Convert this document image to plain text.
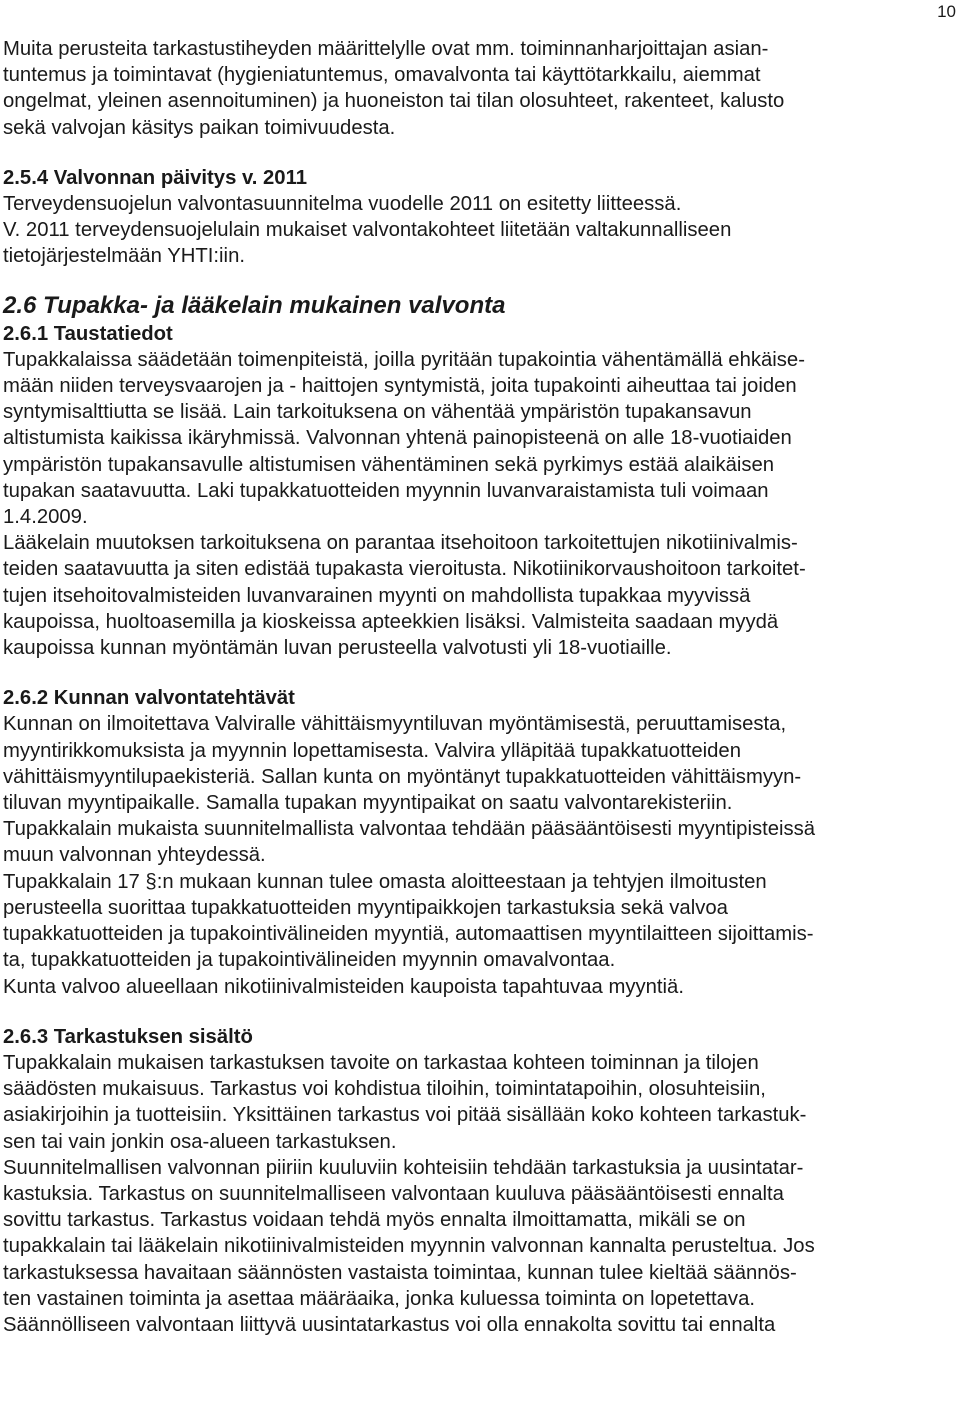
10

Muita perusteita tarkastustiheyden määrittelylle ovat mm. toiminnanharjoittajan asian-
tuntemus ja toimintavat (hygieniatuntemus, omavalvonta tai käyttötarkkailu, aiemmat
ongelmat, yleinen asennoituminen) ja huoneiston tai tilan olosuhteet, rakenteet, kalusto
sekä valvojan käsitys paikan toimivuudesta.

2.5.4 Valvonnan päivitys v. 2011

Terveydensuojelun valvontasuunnitelma vuodelle 2011 on esitetty liitteessä.
V. 2011 terveydensuojelulain mukaiset valvontakohteet liitetään valtakunnalliseen
tietojärjestelmään YHTI:iin.

2.6 Tupakka- ja lääkelain mukainen valvonta

2.6.1 Taustatiedot

Tupakkalaissa säädetään toimenpiteistä, joilla pyritään tupakointia vähentämällä ehkäise-
mään niiden terveysvaarojen ja - haittojen syntymistä, joita tupakointi aiheuttaa tai joiden
syntymisalttiutta se lisää. Lain tarkoituksena on vähentää ympäristön tupakansavun
altistumista kaikissa ikäryhmissä. Valvonnan yhtenä painopisteenä on alle 18-vuotiaiden
ympäristön tupakansavulle altistumisen vähentäminen sekä pyrkimys estää alaikäisen
tupakan saatavuutta. Laki tupakkatuotteiden myynnin luvanvaraistamista tuli voimaan
1.4.2009.
Lääkelain muutoksen tarkoituksena on parantaa itsehoitoon tarkoitettujen nikotiinivalmis-
teiden saatavuutta ja siten edistää tupakasta vieroitusta. Nikotiinikorvaushoitoon tarkoitet-
tujen itsehoitovalmisteiden luvanvarainen myynti on mahdollista tupakkaa myyvissä
kaupoissa, huoltoasemilla ja kioskeissa apteekkien lisäksi. Valmisteita saadaan myydä
kaupoissa kunnan myöntämän luvan perusteella valvotusti yli 18-vuotiaille.

2.6.2 Kunnan valvontatehtävät

Kunnan on ilmoitettava Valviralle vähittäismyyntiluvan myöntämisestä, peruuttamisesta,
myyntirikkomuksista ja myynnin lopettamisesta. Valvira ylläpitää tupakkatuotteiden
vähittäismyyntilupaekisteriä. Sallan kunta on myöntänyt tupakkatuotteiden vähittäismyyn-
tiluvan myyntipaikalle. Samalla tupakan myyntipaikat on saatu valvontarekisteriin.
Tupakkalain mukaista suunnitelmallista valvontaa tehdään pääsääntöisesti myyntipisteissä
muun valvonnan yhteydessä.
Tupakkalain 17 §:n mukaan kunnan tulee omasta aloitteestaan ja tehtyjen ilmoitusten
perusteella suorittaa tupakkatuotteiden myyntipaikkojen tarkastuksia sekä valvoa
tupakkatuotteiden ja tupakointivälineiden myyntiä, automaattisen myyntilaitteen sijoittamis-
ta, tupakkatuotteiden ja tupakointivälineiden myynnin omavalvontaa.
Kunta valvoo alueellaan nikotiinivalmisteiden kaupoista tapahtuvaa myyntiä.

2.6.3 Tarkastuksen sisältö

Tupakkalain mukaisen tarkastuksen tavoite on tarkastaa kohteen toiminnan ja tilojen
säädösten mukaisuus. Tarkastus voi kohdistua tiloihin, toimintatapoihin, olosuhteisiin,
asiakirjoihin ja tuotteisiin. Yksittäinen tarkastus voi pitää sisällään koko kohteen tarkastuk-
sen tai vain jonkin osa-alueen tarkastuksen.
Suunnitelmallisen valvonnan piiriin kuuluviin kohteisiin tehdään tarkastuksia ja uusintatar-
kastuksia. Tarkastus on suunnitelmalliseen valvontaan kuuluva pääsääntöisesti ennalta
sovittu tarkastus. Tarkastus voidaan tehdä myös ennalta ilmoittamatta, mikäli se on
tupakkalain tai lääkelain nikotiinivalmisteiden myynnin valvonnan kannalta perusteltua. Jos
tarkastuksessa havaitaan säännösten vastaista toimintaa, kunnan tulee kieltää säännös-
ten vastainen toiminta ja asettaa määräaika, jonka kuluessa toiminta on lopetettava.
Säännölliseen valvontaan liittyvä uusintatarkastus voi olla ennakolta sovittu tai ennalta
